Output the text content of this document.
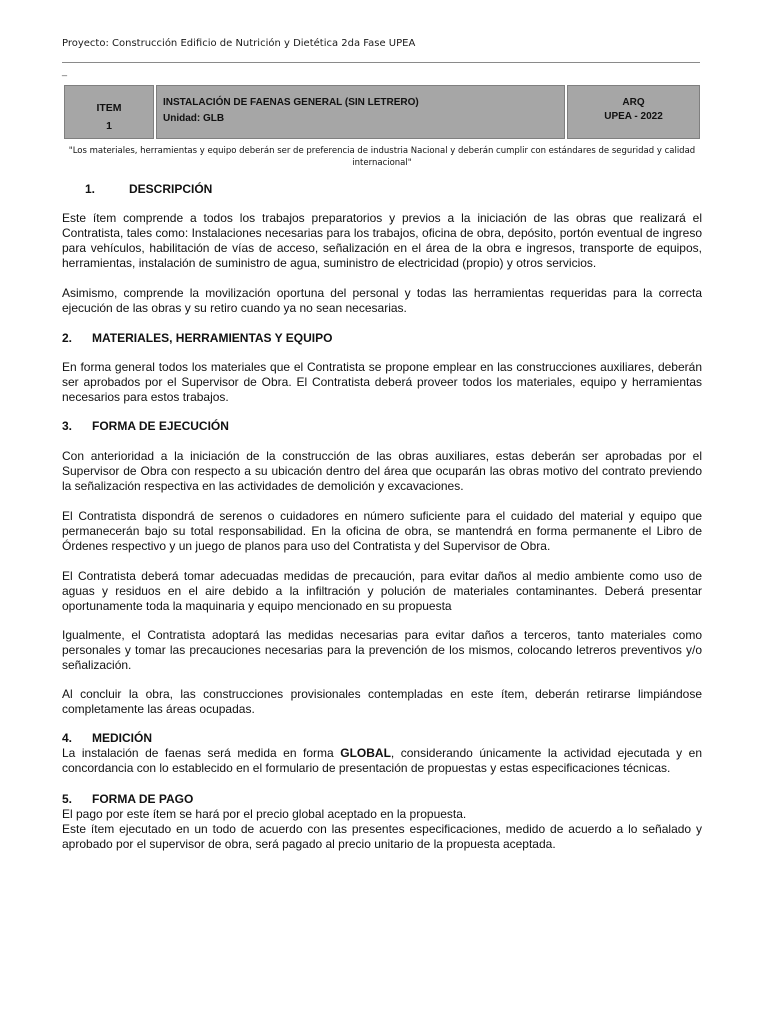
Proyecto: Construcción Edificio de Nutrición y Dietética 2da Fase UPEA
_
ITEM
1
INSTALACIÓN DE FAENAS GENERAL (SIN LETRERO)
Unidad: GLB
ARQ
UPEA - 2022
"Los materiales, herramientas y equipo deberán ser de preferencia de industria Nacional y deberán cumplir con estándares de seguridad y calidad internacional"
1.	DESCRIPCIÓN
Este ítem comprende a todos los trabajos preparatorios y previos a la iniciación de las obras que realizará el Contratista, tales como: Instalaciones necesarias para los trabajos, oficina de obra, depósito, portón eventual de ingreso para vehículos, habilitación de vías de acceso, señalización en el área de la obra e ingresos, transporte de equipos, herramientas, instalación de suministro de agua, suministro de electricidad (propio) y otros servicios.
Asimismo, comprende la movilización oportuna del personal y todas las herramientas requeridas para la correcta ejecución de las obras y su retiro cuando ya no sean necesarias.
2. MATERIALES, HERRAMIENTAS Y EQUIPO
En forma general todos los materiales que el Contratista se propone emplear en las construcciones auxiliares, deberán ser aprobados por el Supervisor de Obra. El Contratista deberá proveer todos los materiales, equipo y herramientas necesarios para estos trabajos.
3. FORMA DE EJECUCIÓN
Con anterioridad a la iniciación de la construcción de las obras auxiliares, estas deberán ser aprobadas por el Supervisor de Obra con respecto a su ubicación dentro del área que ocuparán las obras motivo del contrato previendo la señalización respectiva en las actividades de demolición y excavaciones.
El Contratista dispondrá de serenos o cuidadores en número suficiente para el cuidado del material y equipo que permanecerán bajo su total responsabilidad. En la oficina de obra, se mantendrá en forma permanente el Libro de Órdenes respectivo y un juego de planos para uso del Contratista y del Supervisor de Obra.
El Contratista deberá tomar adecuadas medidas de precaución, para evitar daños al medio ambiente como uso de aguas y residuos en el aire debido a la infiltración y polución de materiales contaminantes. Deberá presentar oportunamente toda la maquinaria y equipo mencionado en su propuesta
Igualmente, el Contratista adoptará las medidas necesarias para evitar daños a terceros, tanto materiales como personales y tomar las precauciones necesarias para la prevención de los mismos, colocando letreros preventivos y/o señalización.
Al concluir la obra, las construcciones provisionales contempladas en este ítem, deberán retirarse limpiándose completamente las áreas ocupadas.
4. MEDICIÓN
La instalación de faenas será medida en forma GLOBAL, considerando únicamente la actividad ejecutada y en concordancia con lo establecido en el formulario de presentación de propuestas y estas especificaciones técnicas.
5. FORMA DE PAGO
El pago por este ítem se hará por el precio global aceptado en la propuesta.
Este ítem ejecutado en un todo de acuerdo con las presentes especificaciones, medido de acuerdo a lo señalado y aprobado por el supervisor de obra, será pagado al precio unitario de la propuesta aceptada.
